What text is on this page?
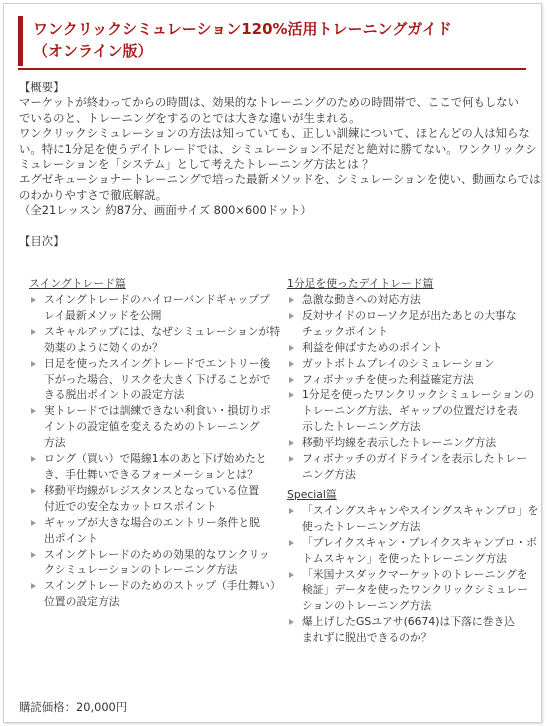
ワンクリックシミュレーション120%活用トレーニングガイド
（オンライン版）
【概要】
マーケットが終わってからの時間は、効果的なトレーニングのための時間帯で、ここで何もしない
でいるのと、トレーニングをするのとでは大きな違いが生まれる。
ワンクリックシミュレーションの方法は知っていても、正しい訓練について、ほとんどの人は知らな
い。特に1分足を使うデイトレードでは、シミュレーション不足だと絶対に勝てない。ワンクリックシ
ミュレーションを「システム」として考えたトレーニング方法とは ？
エグゼキューショナートレーニングで培った最新メソッドを、シミュレーションを使い、動画ならでは
のわかりやすさで徹底解説。
（全21レッスン 約87分、画面サイズ 800×600ドット）
【目次】
スイングトレード篇
スイングトレードのハイローバンドギャッププ
レイ最新メソッドを公開
スキャルアップには、なぜシミュレーションが特
効薬のように効くのか？
日足を使ったスイングトレードでエントリー後
下がった場合、リスクを大きく下げることがで
きる脱出ポイントの設定方法
実トレードでは訓練できない利食い・損切りポ
イントの設定値を変えるためのトレーニング
方法
ロング（買い）で陽線1本のあと下げ始めたと
き、手仕舞いできるフォーメーションとは？
移動平均線がレジスタンスとなっている位置
付近での安全なカットロスポイント
ギャップが大きな場合のエントリー条件と脱
出ポイント
スイングトレードのための効果的なワンクリッ
クシミュレーションのトレーニング方法
スイングトレードのためのストップ（手仕舞い）
位置の設定方法
1分足を使ったデイトレード篇
急激な動きへの対応方法
反対サイドのローソク足が出たあとの大事な
チェックポイント
利益を伸ばすためのポイント
ガットボトムプレイのシミュレーション
フィボナッチを使った利益確定方法
1分足を使ったワンクリックシミュレーションの
トレーニング方法、ギャップの位置だけを表
示したトレーニング方法
移動平均線を表示したトレーニング方法
フィボナッチのガイドラインを表示したトレー
ニング方法
Special篇
「スイングスキャンやスイングスキャンプロ」を
使ったトレーニング方法
「ブレイクスキャン・ブレイクスキャンプロ・ボ
トムスキャン」を使ったトレーニング方法
「米国ナスダックマーケットのトレーニングを
検証」データを使ったワンクリックシミュレー
ションのトレーニング方法
爆上げしたGSユアサ(6674)は下落に巻き込
まれずに脱出できるのか？
購読価格：20,000円
